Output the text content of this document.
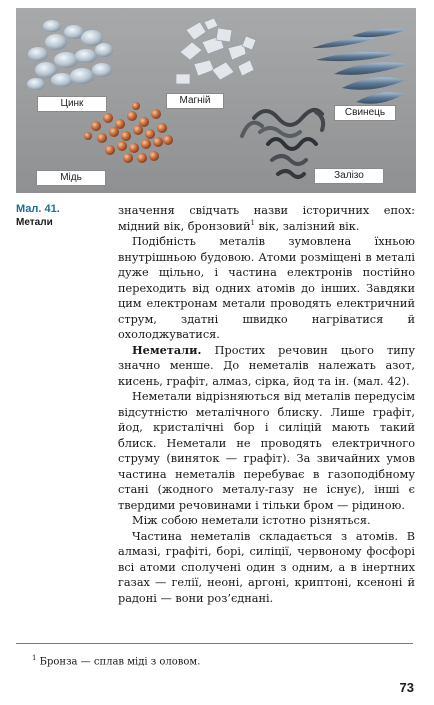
Цинк	Магній
Свинець
Мідь	Залізо
Мал. 41.
Метали

значення свідчать назви історичних епох: мідний вік, бронзовий$^1$ вік, залізний вік.

Подібність металів зумовлена їхньою внутрішньою будовою. Атоми розміщені в металі дуже щільно, і частина електронів постійно переходить від одних атомів до інших. Завдяки цим електронам метали проводять електричний струм, здатні швидко нагріватися й охолоджуватися.

Неметали. Простих речовин цього типу значно менше. До неметалів належать азот, кисень, графіт, алмаз, сірка, йод та ін. (мал. 42).

Неметали відрізняються від металів передусім відсутністю металічного блиску. Лише графіт, йод, кристалічні бор і силіцій мають такий блиск. Неметали не проводять електричного струму (виняток — графіт). За звичайних умов частина неметалів перебуває в газоподібному стані (жодного металу-газу не існує), інші є твердими речовинами і тільки бром — рідиною.

Між собою неметали істотно різняться.

Частина неметалів складається з атомів. В алмазі, графіті, борі, силіції, червоному фосфорі всі атоми сполучені один з одним, а в інертних газах — гелії, неоні, аргоні, криптоні, ксеноні й радоні — вони роз’єднані.

$^1$ Бронза — сплав міді з оловом.
73
